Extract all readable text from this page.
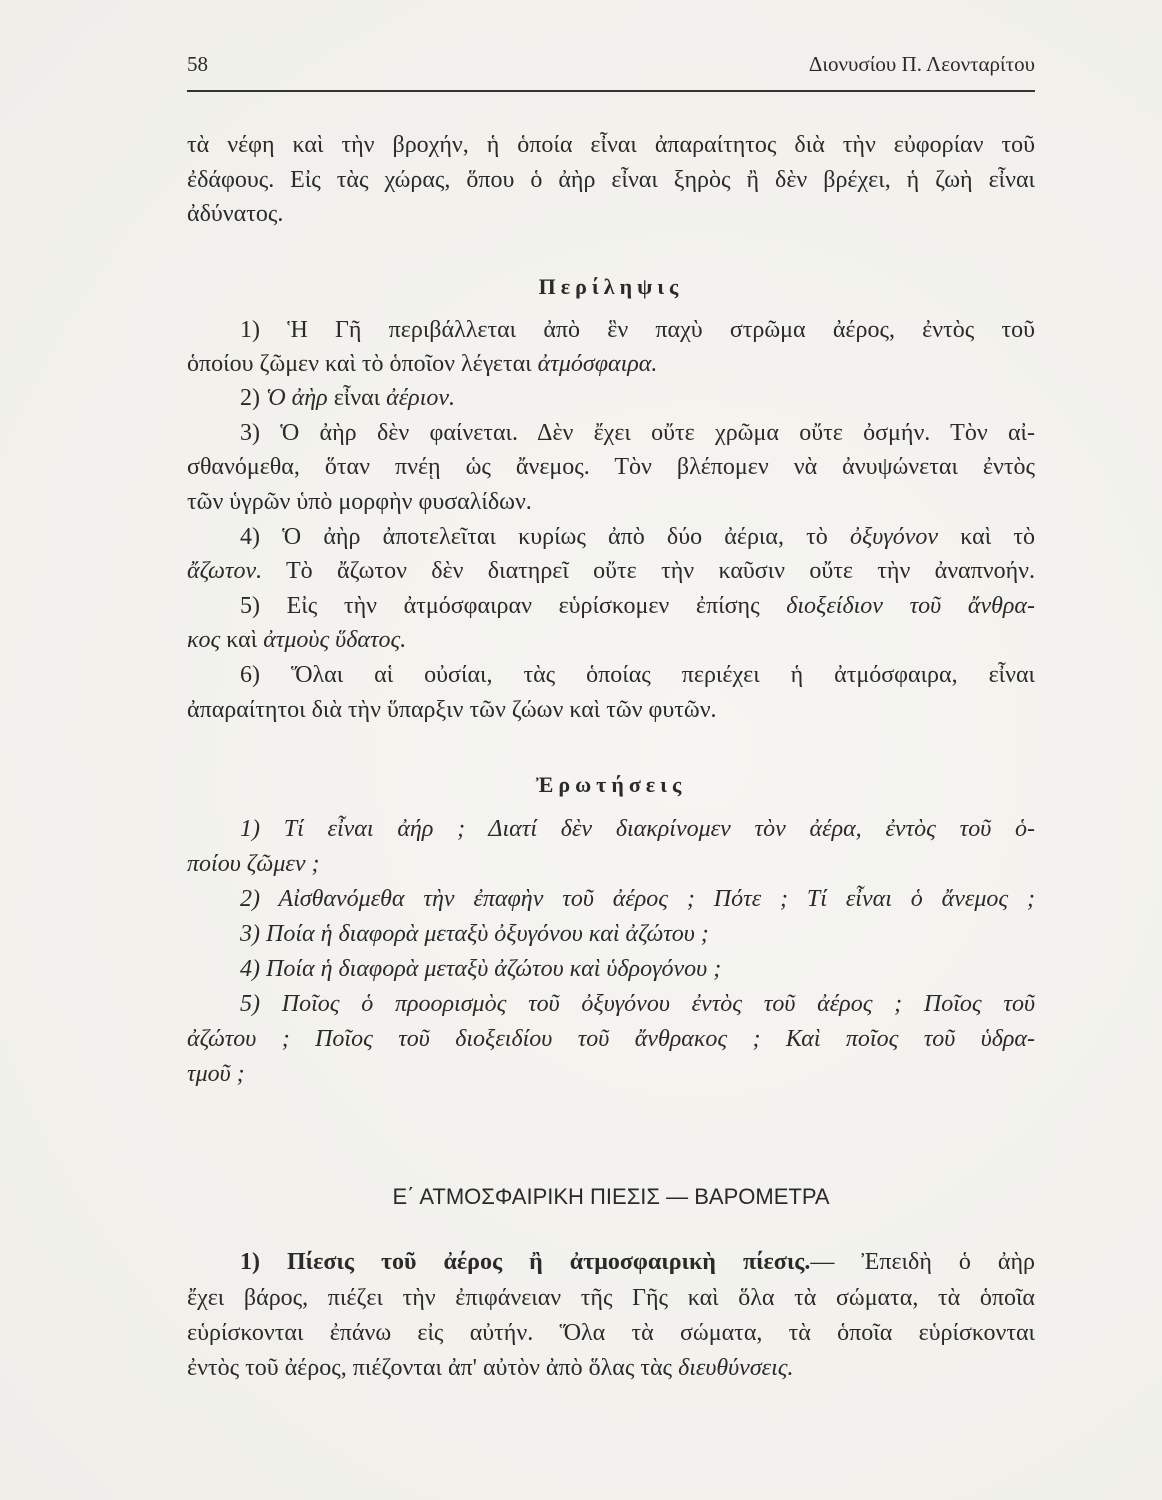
58	Διονυσίου Π. Λεονταρίτου
τὰ νέφη καὶ τὴν βροχήν, ἡ ὁποία εἶναι ἀπαραίτητος διὰ τὴν εὐφορίαν τοῦ
ἐδάφους. Εἰς τὰς χώρας, ὅπου ὁ ἀὴρ εἶναι ξηρὸς ἢ δὲν βρέχει, ἡ ζωὴ εἶναι
ἀδύνατος.
Περίληψις
1) Ἡ Γῆ περιβάλλεται ἀπὸ ἓν παχὺ στρῶμα ἀέρος, ἐντὸς τοῦ
ὁποίου ζῶμεν καὶ τὸ ὁποῖον λέγεται ἀτμόσφαιρα.
2) Ὁ ἀὴρ εἶναι ἀέριον.
3) Ὁ ἀὴρ δὲν φαίνεται. Δὲν ἔχει οὔτε χρῶμα οὔτε ὀσμήν. Τὸν αἰ-
σθανόμεθα, ὅταν πνέῃ ὡς ἄνεμος. Τὸν βλέπομεν νὰ ἀνυψώνεται ἐντὸς
τῶν ὑγρῶν ὑπὸ μορφὴν φυσαλίδων.
4) Ὁ ἀὴρ ἀποτελεῖται κυρίως ἀπὸ δύο ἀέρια, τὸ ὀξυγόνον καὶ τὸ
ἄζωτον. Τὸ ἄζωτον δὲν διατηρεῖ οὔτε τὴν καῦσιν οὔτε τὴν ἀναπνοήν.
5) Εἰς τὴν ἀτμόσφαιραν εὑρίσκομεν ἐπίσης διοξείδιον τοῦ ἄνθρα-
κος καὶ ἀτμοὺς ὕδατος.
6) Ὅλαι αἱ οὐσίαι, τὰς ὁποίας περιέχει ἡ ἀτμόσφαιρα, εἶναι
ἀπαραίτητοι διὰ τὴν ὕπαρξιν τῶν ζώων καὶ τῶν φυτῶν.
Ἐρωτήσεις
1) Τί εἶναι ἀήρ ; Διατί δὲν διακρίνομεν τὸν ἀέρα, ἐντὸς τοῦ ὁ-
ποίου ζῶμεν ;
2) Αἰσθανόμεθα τὴν ἐπαφὴν τοῦ ἀέρος ; Πότε ; Τί εἶναι ὁ ἄνεμος ;
3) Ποία ἡ διαφορὰ μεταξὺ ὀξυγόνου καὶ ἀζώτου ;
4) Ποία ἡ διαφορὰ μεταξὺ ἀζώτου καὶ ὑδρογόνου ;
5) Ποῖος ὁ προορισμὸς τοῦ ὀξυγόνου ἐντὸς τοῦ ἀέρος ; Ποῖος τοῦ
ἀζώτου ; Ποῖος τοῦ διοξειδίου τοῦ ἄνθρακος ; Καὶ ποῖος τοῦ ὑδρα-
τμοῦ ;
Ε΄ ΑΤΜΟΣΦΑΙΡΙΚΗ ΠΙΕΣΙΣ — ΒΑΡΟΜΕΤΡΑ
1) Πίεσις τοῦ ἀέρος ἢ ἀτμοσφαιρικὴ πίεσις.— Ἐπειδὴ ὁ ἀὴρ
ἔχει βάρος, πιέζει τὴν ἐπιφάνειαν τῆς Γῆς καὶ ὅλα τὰ σώματα, τὰ ὁποῖα
εὑρίσκονται ἐπάνω εἰς αὐτήν. Ὅλα τὰ σώματα, τὰ ὁποῖα εὑρίσκονται
ἐντὸς τοῦ ἀέρος, πιέζονται ἀπ' αὐτὸν ἀπὸ ὅλας τὰς διευθύνσεις.
